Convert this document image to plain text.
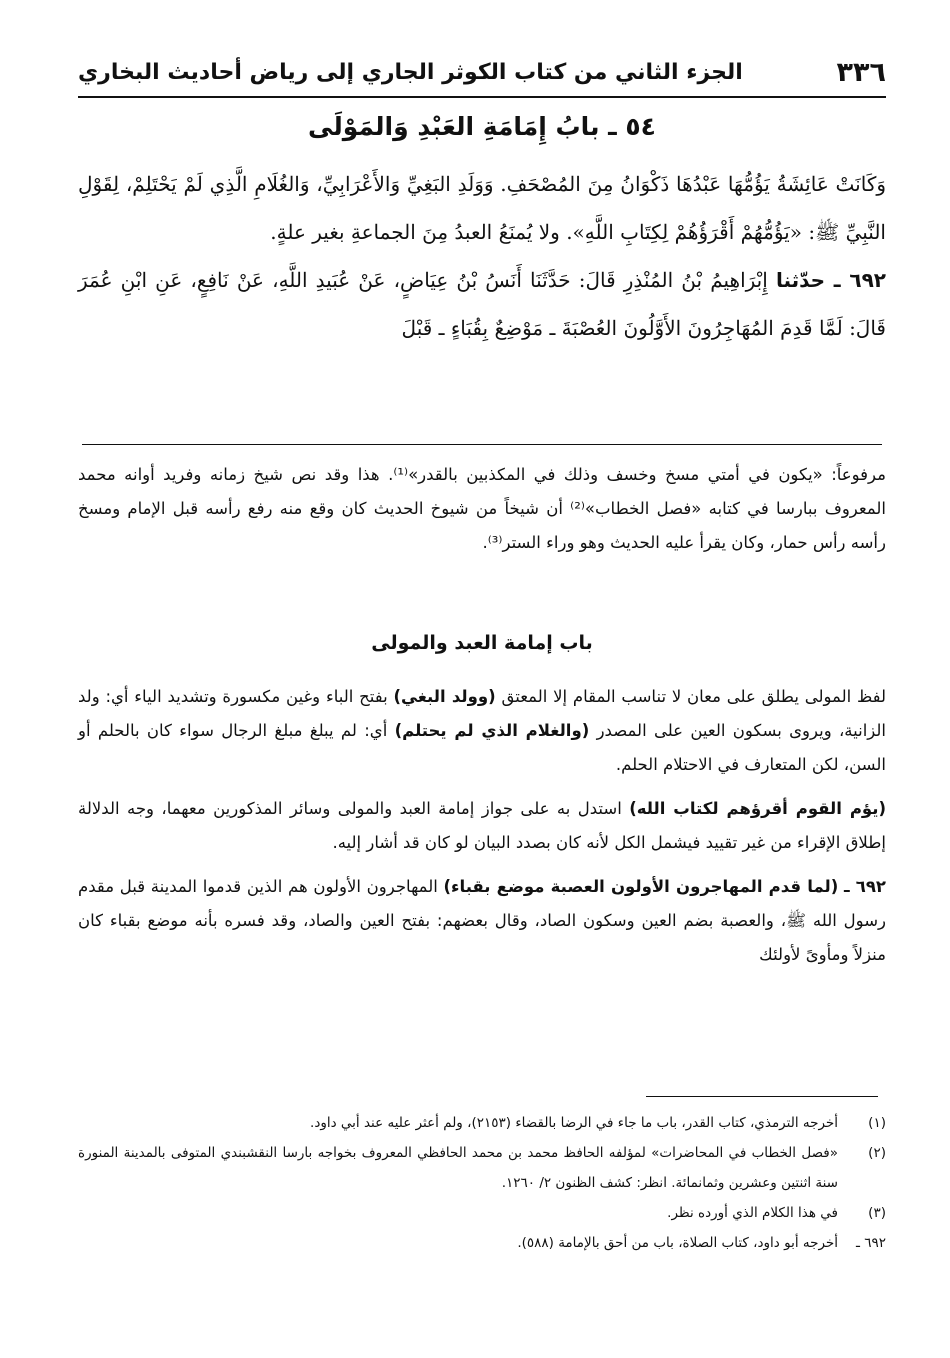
٣٣٦
الجزء الثاني من كتاب الكوثر الجاري إلى رياض أحاديث البخاري
٥٤ ـ بابُ إِمَامَةِ العَبْدِ وَالمَوْلَى

وَكَانَتْ عَائِشَةُ يَؤُمُّهَا عَبْدُهَا ذَكْوَانُ مِنَ المُصْحَفِ. وَوَلَدِ البَغِيِّ وَالأَعْرَابِيِّ، وَالغُلَامِ الَّذِي لَمْ يَحْتَلِمْ، لِقَوْلِ النَّبِيِّ ﷺ: «يَؤُمُّهُمْ أَقْرَؤُهُمْ لِكِتَابِ اللَّهِ». ولا يُمنَعُ العبدُ مِنَ الجماعةِ بغير علةٍ.

٦٩٢ ـ حدّثنا إِبْرَاهِيمُ بْنُ المُنْذِرِ قَالَ: حَدَّثَنَا أَنَسُ بْنُ عِيَاضٍ، عَنْ عُبَيدِ اللَّهِ، عَنْ نَافِعٍ، عَنِ ابْنِ عُمَرَ قَالَ: لَمَّا قَدِمَ المُهَاجِرُونَ الأَوَّلُونَ العُصْبَةَ ـ مَوْضِعٌ بِقُبَاءٍ ـ قَبْلَ

مرفوعاً: «يكون في أمتي مسخ وخسف وذلك في المكذبين بالقدر»⁽¹⁾. هذا وقد نص شيخ زمانه وفريد أوانه محمد المعروف ببارسا في كتابه «فصل الخطاب»⁽²⁾ أن شيخاً من شيوخ الحديث كان وقع منه رفع رأسه قبل الإمام ومسخ رأسه رأس حمار، وكان يقرأ عليه الحديث وهو وراء الستر⁽³⁾.

باب إمامة العبد والمولى

لفظ المولى يطلق على معان لا تناسب المقام إلا المعتق (وولد البغي) بفتح الباء وغين مكسورة وتشديد الياء أي: ولد الزانية، ويروى بسكون العين على المصدر (والغلام الذي لم يحتلم) أي: لم يبلغ مبلغ الرجال سواء كان بالحلم أو السن، لكن المتعارف في الاحتلام الحلم.

(يؤم القوم أقرؤهم لكتاب الله) استدل به على جواز إمامة العبد والمولى وسائر المذكورين معهما، وجه الدلالة إطلاق الإقراء من غير تقييد فيشمل الكل لأنه كان بصدد البيان لو كان قد أشار إليه.

٦٩٢ ـ (لما قدم المهاجرون الأولون العصبة موضع بقباء) المهاجرون الأولون هم الذين قدموا المدينة قبل مقدم رسول الله ﷺ، والعصبة بضم العين وسكون الصاد، وقال بعضهم: بفتح العين والصاد، وقد فسره بأنه موضع بقباء كان منزلاً ومأوىً لأولئك

(١)
أخرجه الترمذي، كتاب القدر، باب ما جاء في الرضا بالقضاء (٢١٥٣)، ولم أعثر عليه عند أبي داود.
(٢)
«فصل الخطاب في المحاضرات» لمؤلفه الحافظ محمد بن محمد الحافظي المعروف بخواجه بارسا النقشبندي المتوفى بالمدينة المنورة سنة اثنتين وعشرين وثمانمائة. انظر: كشف الظنون ٢/ ١٢٦٠.
(٣)
في هذا الكلام الذي أورده نظر.
٦٩٢ ـ
أخرجه أبو داود، كتاب الصلاة، باب من أحق بالإمامة (٥٨٨).
